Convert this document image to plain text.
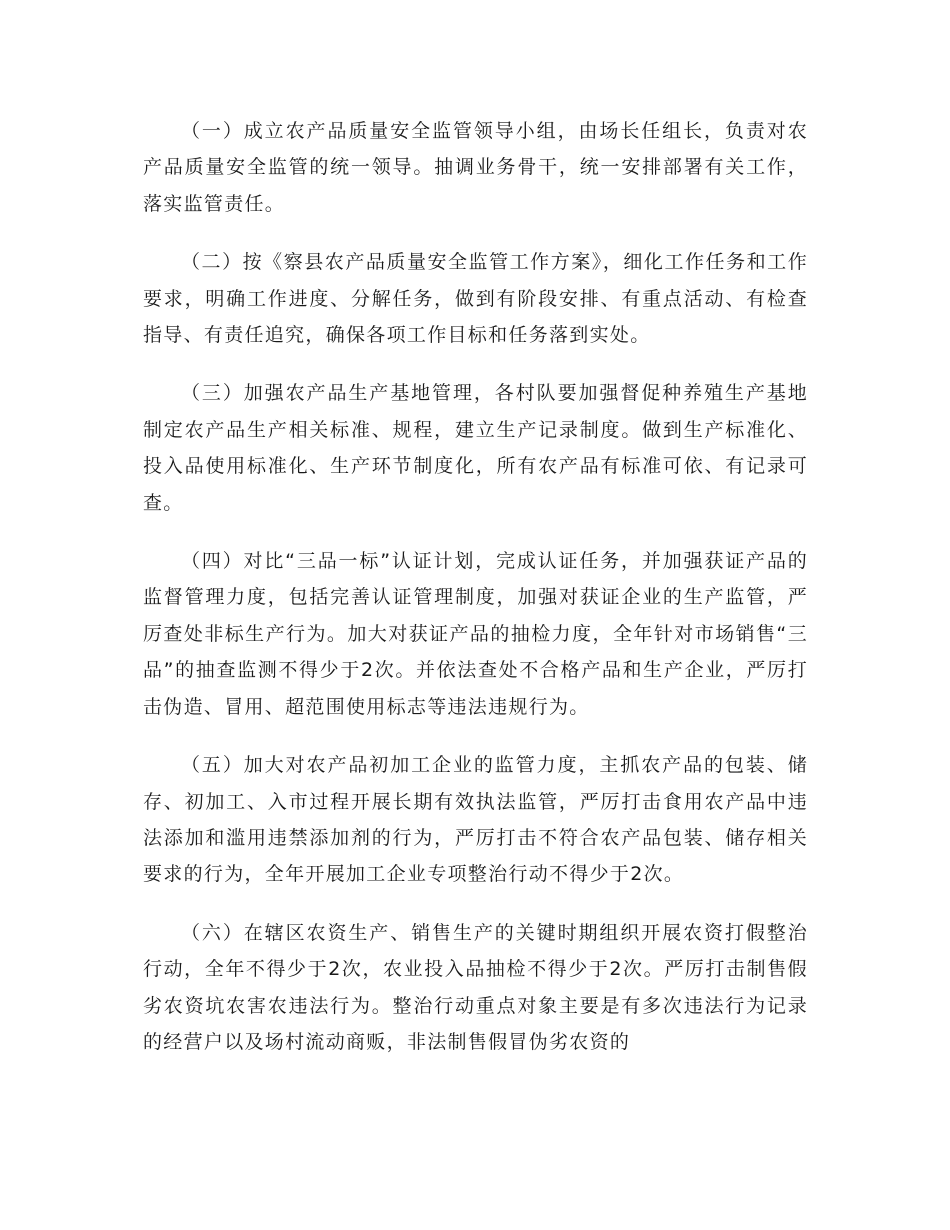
（一）成立农产品质量安全监管领导小组，由场长任组长，负责对农产品质量安全监管的统一领导。抽调业务骨干，统一安排部署有关工作，落实监管责任。

（二）按《察县农产品质量安全监管工作方案》，细化工作任务和工作要求，明确工作进度、分解任务，做到有阶段安排、有重点活动、有检查指导、有责任追究，确保各项工作目标和任务落到实处。

（三）加强农产品生产基地管理，各村队要加强督促种养殖生产基地制定农产品生产相关标准、规程，建立生产记录制度。做到生产标准化、投入品使用标准化、生产环节制度化，所有农产品有标准可依、有记录可查。

（四）对比“三品一标”认证计划，完成认证任务，并加强获证产品的监督管理力度，包括完善认证管理制度，加强对获证企业的生产监管，严厉查处非标生产行为。加大对获证产品的抽检力度，全年针对市场销售“三品”的抽查监测不得少于2次。并依法查处不合格产品和生产企业，严厉打击伪造、冒用、超范围使用标志等违法违规行为。

（五）加大对农产品初加工企业的监管力度，主抓农产品的包装、储存、初加工、入市过程开展长期有效执法监管，严厉打击食用农产品中违法添加和滥用违禁添加剂的行为，严厉打击不符合农产品包装、储存相关要求的行为，全年开展加工企业专项整治行动不得少于2次。

（六）在辖区农资生产、销售生产的关键时期组织开展农资打假整治行动，全年不得少于2次，农业投入品抽检不得少于2次。严厉打击制售假劣农资坑农害农违法行为。整治行动重点对象主要是有多次违法行为记录的经营户以及场村流动商贩，非法制售假冒伪劣农资的
